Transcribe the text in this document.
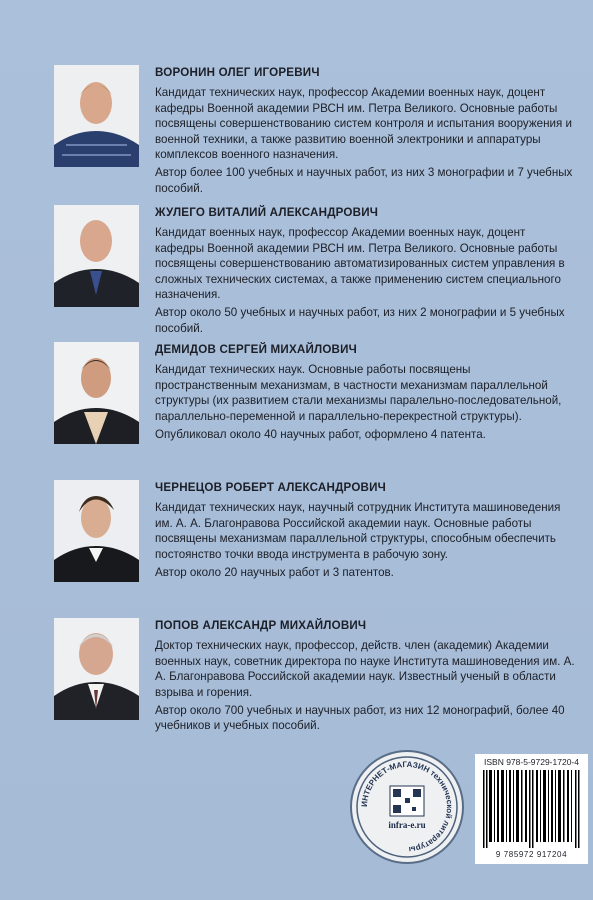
ВОРОНИН ОЛЕГ ИГОРЕВИЧ

Кандидат технических наук, профессор Академии военных наук, доцент кафедры Военной академии РВСН им. Петра Великого. Основные работы посвящены совершенствованию систем контроля и испытания вооружения и военной техники, а также развитию военной электроники и аппаратуры комплексов военного назначения.

Автор более 100 учебных и научных работ, из них 3 монографии и 7 учебных пособий.

ЖУЛЕГО ВИТАЛИЙ АЛЕКСАНДРОВИЧ

Кандидат военных наук, профессор Академии военных наук, доцент кафедры Военной академии РВСН им. Петра Великого. Основные работы посвящены совершенствованию автоматизированных систем управления в сложных технических системах, а также применению систем специального назначения.

Автор около 50 учебных и научных работ, из них 2 монографии и 5 учебных пособий.

ДЕМИДОВ СЕРГЕЙ МИХАЙЛОВИЧ

Кандидат технических наук. Основные работы посвящены пространственным механизмам, в частности механизмам параллельной структуры (их развитием стали механизмы паралельно-последовательной, параллельно-переменной и параллельно-перекрестной структуры).

Опубликовал около 40 научных работ, оформлено 4 патента.

ЧЕРНЕЦОВ РОБЕРТ АЛЕКСАНДРОВИЧ

Кандидат технических наук, научный сотрудник Института машиноведения им. А. А. Благонравова Российской академии наук. Основные работы посвящены механизмам параллельной структуры, способным обеспечить постоянство точки ввода инструмента в рабочую зону.

Автор около 20 научных работ и 3 патентов.

ПОПОВ АЛЕКСАНДР МИХАЙЛОВИЧ

Доктор технических наук, профессор, действ. член (академик) Академии военных наук, советник директора по науке Института машиноведения им. А. А. Благонравова Российской академии наук. Известный ученый в области взрыва и горения.

Автор около 700 учебных и научных работ, из них 12 монографий, более 40 учебников и учебных пособий.

ИНТЕРНЕТ-МАГАЗИН технической литературы
infra-e.ru
ISBN 978-5-9729-1720-4
9 785972 917204
